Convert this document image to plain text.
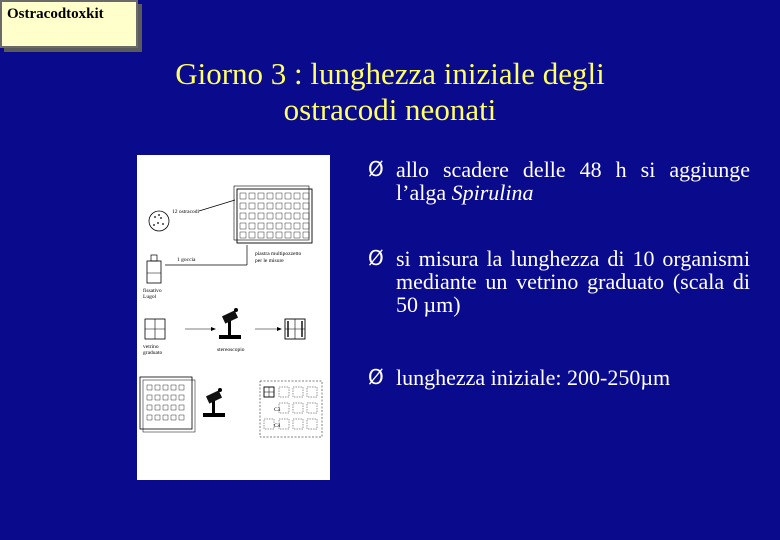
Ostracodtoxkit
Giorno 3 : lunghezza iniziale degli
ostracodi neonati
12 ostracodi
1 goccia
piastra multipozzetto
per le misure
fissativo
Lugol
vetrino
graduato	stereoscopio
C3
C4
Ø allo scadere delle 48 h si aggiunge l’alga Spirulina
Ø si misura la lunghezza di 10 organismi mediante un vetrino graduato (scala di 50 µm)
Ø lunghezza iniziale: 200-250µm
